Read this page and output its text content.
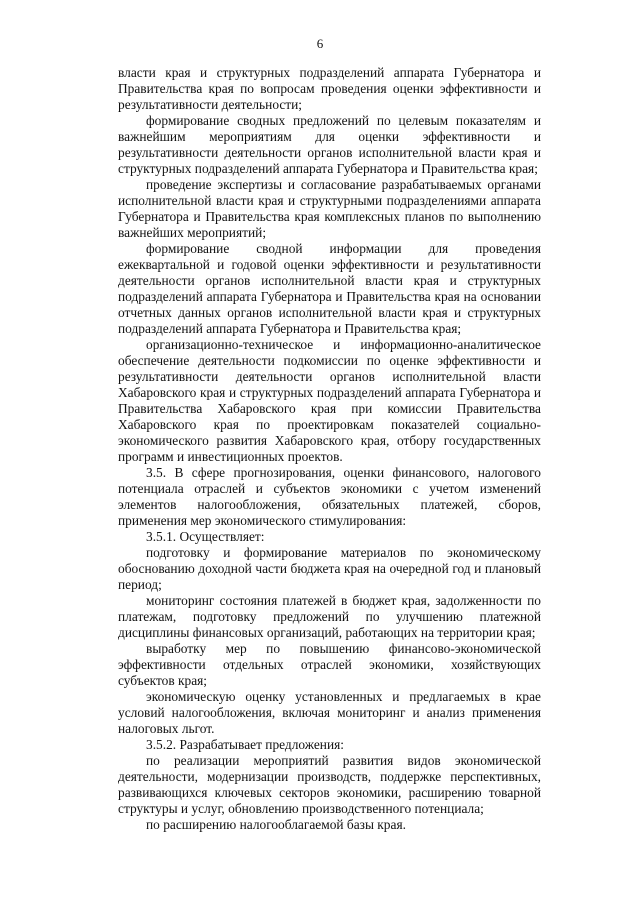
6

власти края и структурных подразделений аппарата Губернатора и Правительства края по вопросам проведения оценки эффективности и результативности деятельности;

формирование сводных предложений по целевым показателям и важнейшим мероприятиям для оценки эффективности и результативности деятельности органов исполнительной власти края и структурных подразделений аппарата Губернатора и Правительства края;

проведение экспертизы и согласование разрабатываемых органами исполнительной власти края и структурными подразделениями аппарата Губернатора и Правительства края комплексных планов по выполнению важнейших мероприятий;

формирование сводной информации для проведения ежеквартальной и годовой оценки эффективности и результативности деятельности органов исполнительной власти края и структурных подразделений аппарата Губернатора и Правительства края на основании отчетных данных органов исполнительной власти края и структурных подразделений аппарата Губернатора и Правительства края;

организационно-техническое и информационно-аналитическое обеспечение деятельности подкомиссии по оценке эффективности и результативности деятельности органов исполнительной власти Хабаровского края и структурных подразделений аппарата Губернатора и Правительства Хабаровского края при комиссии Правительства Хабаровского края по проектировкам показателей социально-экономического развития Хабаровского края, отбору государственных программ и инвестиционных проектов.

3.5. В сфере прогнозирования, оценки финансового, налогового потенциала отраслей и субъектов экономики с учетом изменений элементов налогообложения, обязательных платежей, сборов, применения мер экономического стимулирования:

3.5.1. Осуществляет:

подготовку и формирование материалов по экономическому обоснованию доходной части бюджета края на очередной год и плановый период;

мониторинг состояния платежей в бюджет края, задолженности по платежам, подготовку предложений по улучшению платежной дисциплины финансовых организаций, работающих на территории края;

выработку мер по повышению финансово-экономической эффективности отдельных отраслей экономики, хозяйствующих субъектов края;

экономическую оценку установленных и предлагаемых в крае условий налогообложения, включая мониторинг и анализ применения налоговых льгот.

3.5.2. Разрабатывает предложения:

по реализации мероприятий развития видов экономической деятельности, модернизации производств, поддержке перспективных, развивающихся ключевых секторов экономики, расширению товарной структуры и услуг, обновлению производственного потенциала;

по расширению налогооблагаемой базы края.
